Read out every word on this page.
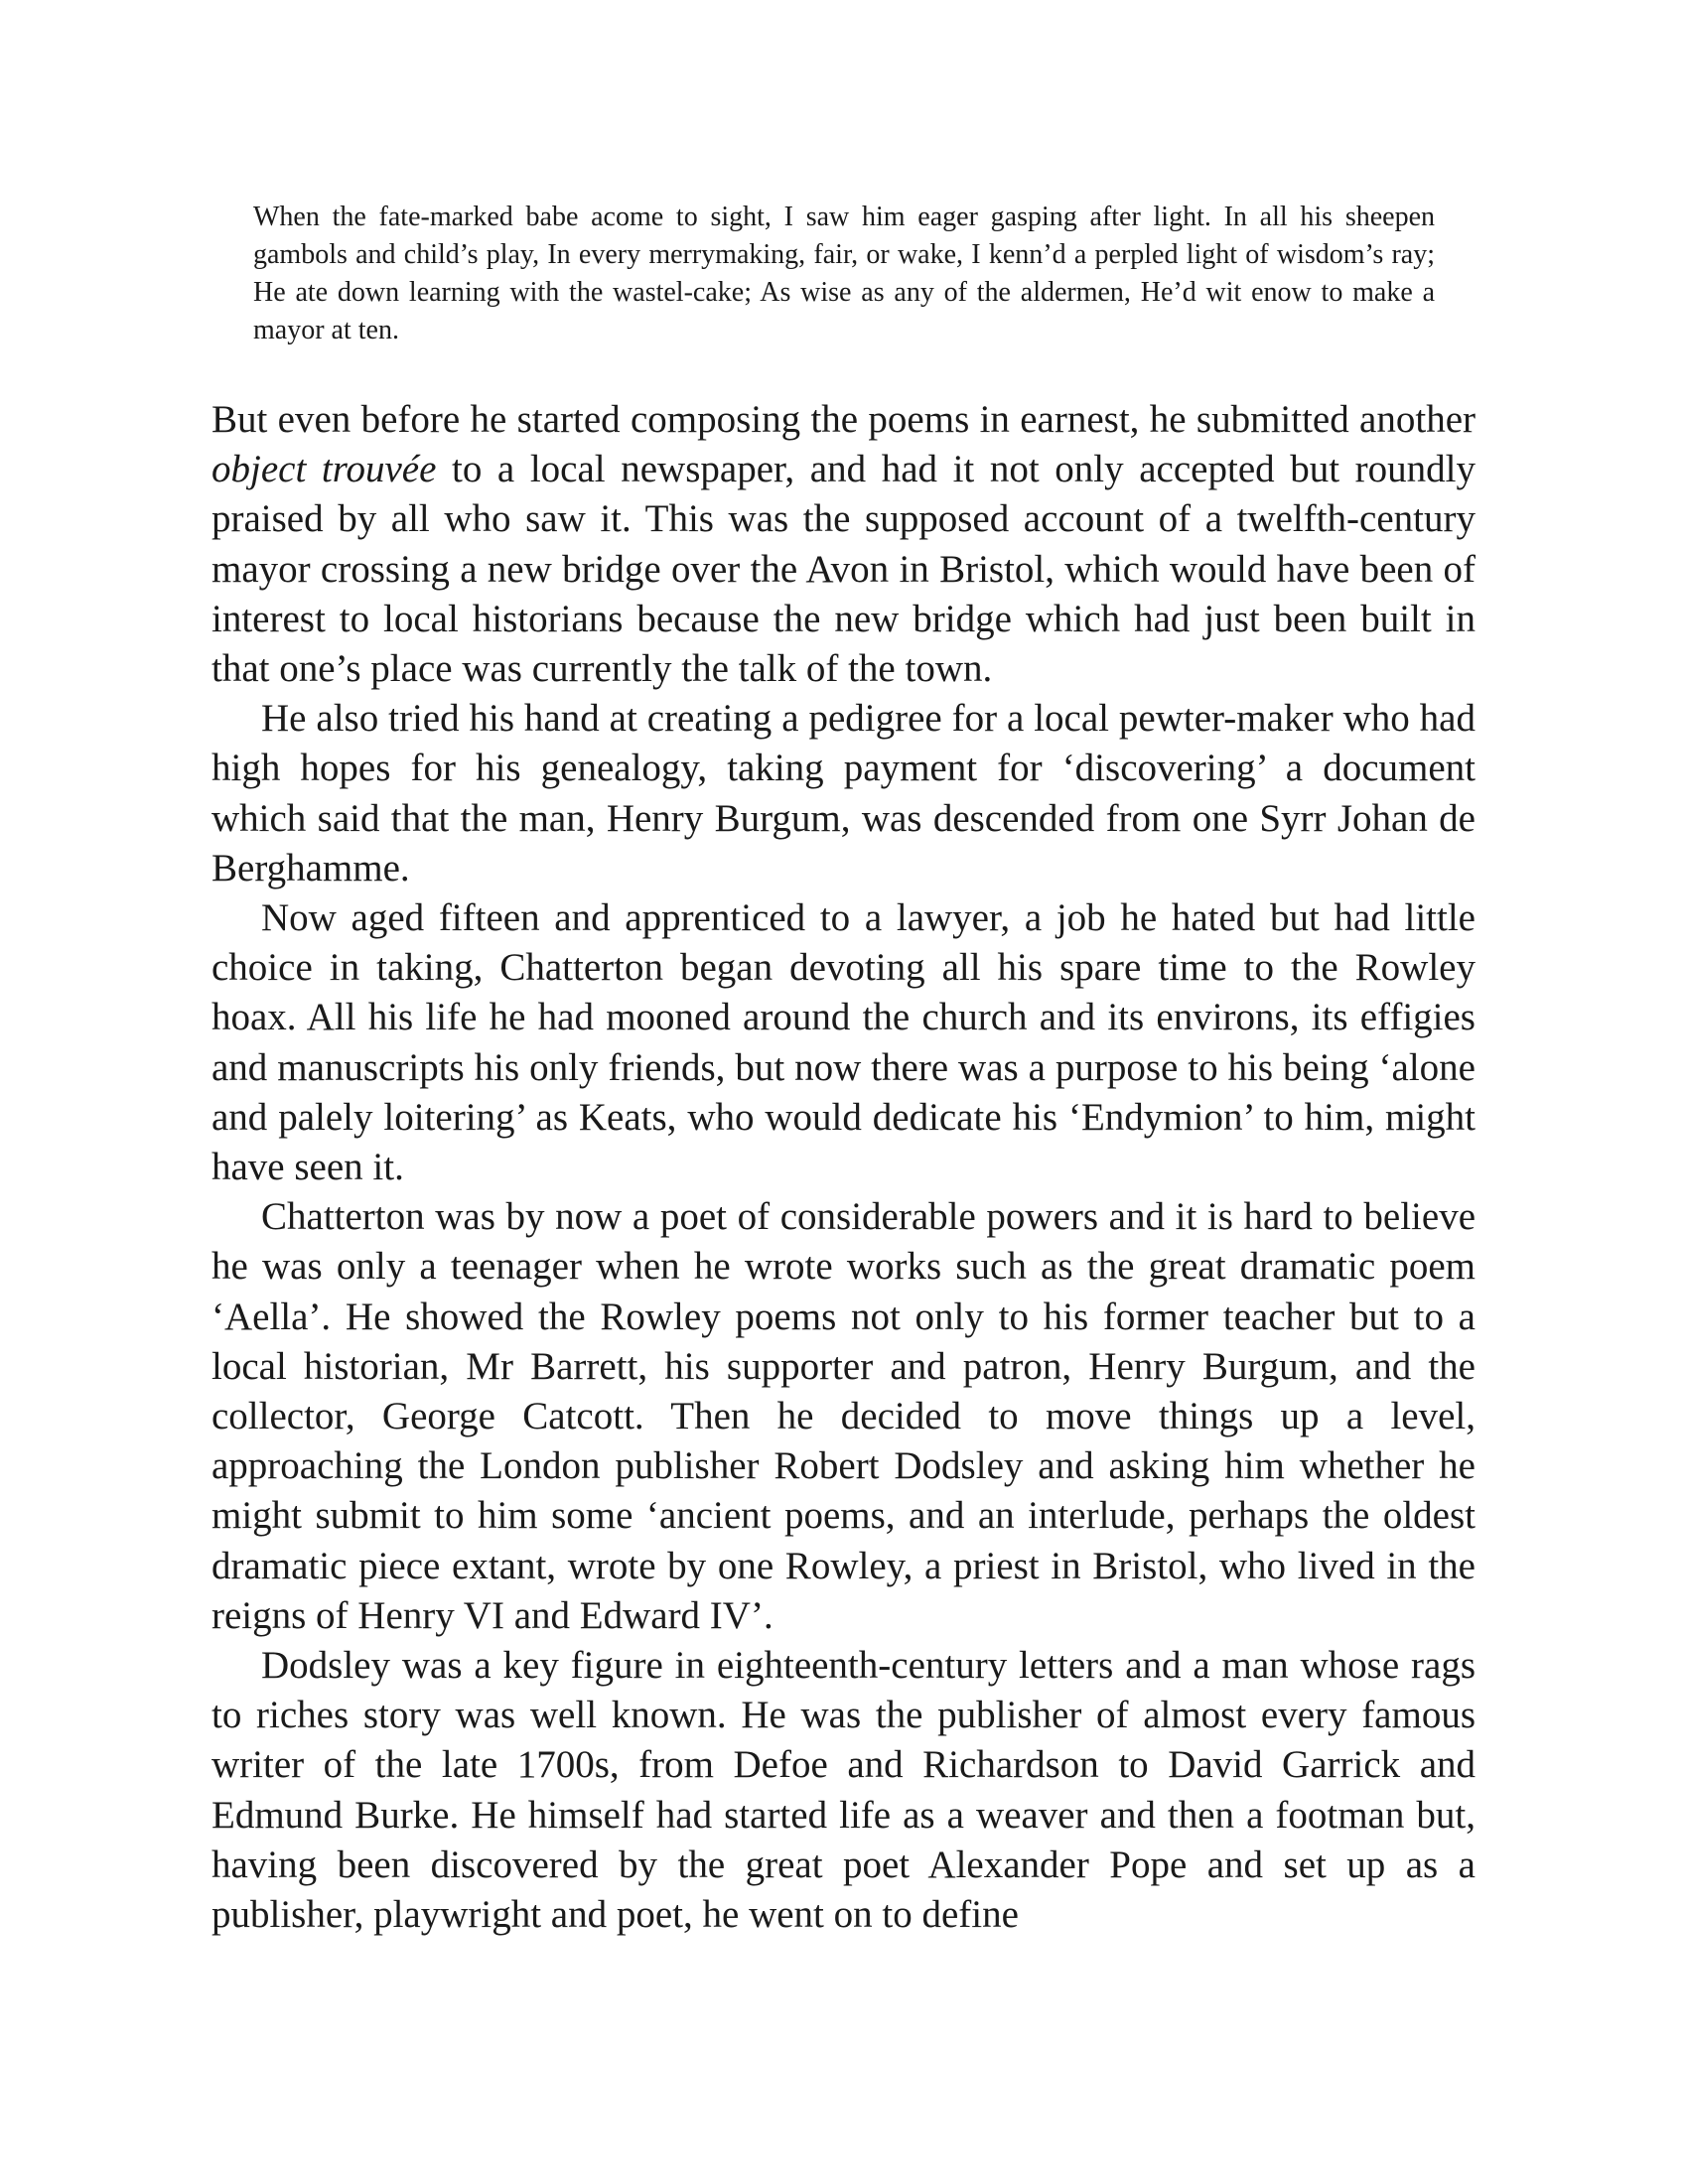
When the fate-marked babe acome to sight, I saw him eager gasping after light. In all his sheepen gambols and child’s play, In every merrymaking, fair, or wake, I kenn’d a perpled light of wisdom’s ray; He ate down learning with the wastel-cake; As wise as any of the aldermen, He’d wit enow to make a mayor at ten.

But even before he started composing the poems in earnest, he submitted another object trouvée to a local newspaper, and had it not only accepted but roundly praised by all who saw it. This was the supposed account of a twelfth-century mayor crossing a new bridge over the Avon in Bristol, which would have been of interest to local historians because the new bridge which had just been built in that one’s place was currently the talk of the town.

He also tried his hand at creating a pedigree for a local pewter-maker who had high hopes for his genealogy, taking payment for ‘discovering’ a document which said that the man, Henry Burgum, was descended from one Syrr Johan de Berghamme.

Now aged fifteen and apprenticed to a lawyer, a job he hated but had little choice in taking, Chatterton began devoting all his spare time to the Rowley hoax. All his life he had mooned around the church and its environs, its effigies and manuscripts his only friends, but now there was a purpose to his being ‘alone and palely loitering’ as Keats, who would dedicate his ‘Endymion’ to him, might have seen it.

Chatterton was by now a poet of considerable powers and it is hard to believe he was only a teenager when he wrote works such as the great dramatic poem ‘Aella’. He showed the Rowley poems not only to his former teacher but to a local historian, Mr Barrett, his supporter and patron, Henry Burgum, and the collector, George Catcott. Then he decided to move things up a level, approaching the London publisher Robert Dodsley and asking him whether he might submit to him some ‘ancient poems, and an interlude, perhaps the oldest dramatic piece extant, wrote by one Rowley, a priest in Bristol, who lived in the reigns of Henry VI and Edward IV’.

Dodsley was a key figure in eighteenth-century letters and a man whose rags to riches story was well known. He was the publisher of almost every famous writer of the late 1700s, from Defoe and Richardson to David Garrick and Edmund Burke. He himself had started life as a weaver and then a footman but, having been discovered by the great poet Alexander Pope and set up as a publisher, playwright and poet, he went on to define
